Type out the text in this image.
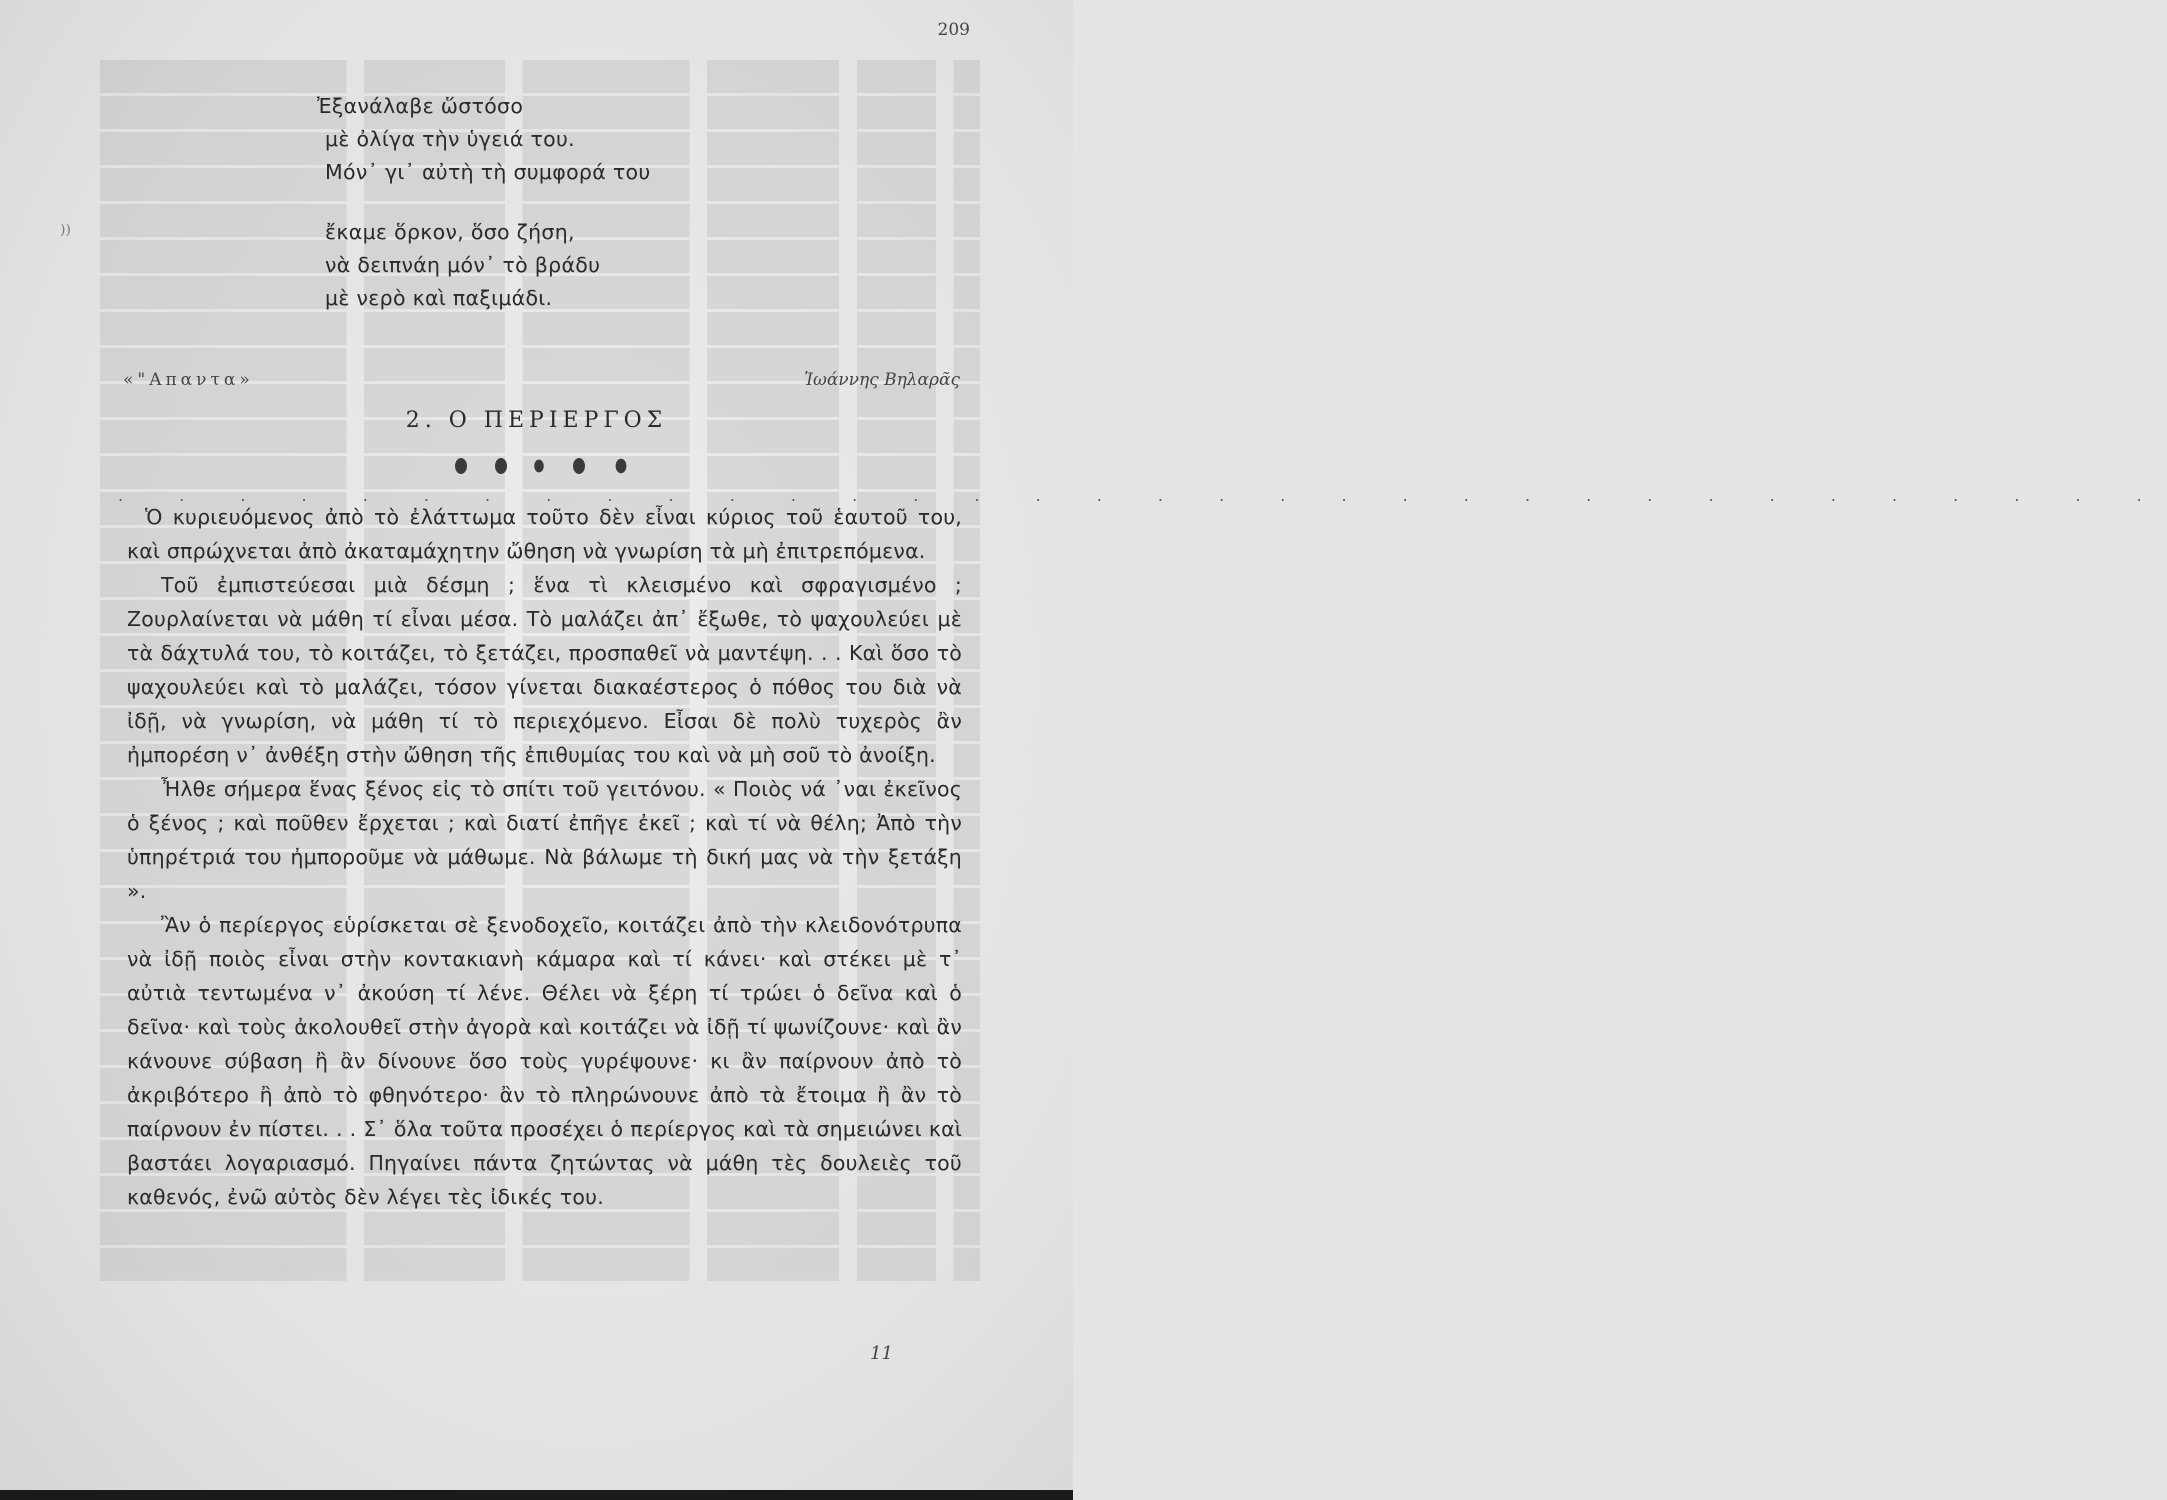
209
))
Ἐξανάλαβε ὥστόσο
μὲ ὀλίγα τὴν ὑγειά του.
Μόν᾽ γι᾽ αὐτὴ τὴ συμφορά του
ἔκαμε ὅρκον, ὅσο ζήση,
νὰ δειπνάη μόν᾽ τὸ βράδυ
μὲ νερὸ καὶ παξιμάδι.
«"Απαντα»	Ἰωάννης Βηλαρᾶς
2. Ο ΠΕΡΙΕΡΓΟΣ
. . . . . . . . . . . . . . . . . . . . . . . . . . . . . . . . . .

Ὁ κυριευόμενος ἀπὸ τὸ ἐλάττωμα τοῦτο δὲν εἶναι κύριος τοῦ ἑαυτοῦ του, καὶ σπρώχνεται ἀπὸ ἀκαταμάχητην ὤθηση νὰ γνωρίση τὰ μὴ ἐπιτρεπόμενα.

Τοῦ ἐμπιστεύεσαι μιὰ δέσμη ; ἕνα τὶ κλεισμένο καὶ σφραγισμένο ; Ζουρλαίνεται νὰ μάθη τί εἶναι μέσα. Τὸ μαλάζει ἀπ᾽ ἔξωθε, τὸ ψαχουλεύει μὲ τὰ δάχτυλά του, τὸ κοιτάζει, τὸ ξετάζει, προσπαθεῖ νὰ μαντέψη. . . Καὶ ὅσο τὸ ψαχουλεύει καὶ τὸ μαλάζει, τόσον γίνεται διακαέστερος ὁ πόθος του διὰ νὰ ἰδῇ, νὰ γνωρίση, νὰ μάθη τί τὸ περιεχόμενο. Εἶσαι δὲ πολὺ τυχερὸς ἂν ἠμπορέση ν᾽ ἀνθέξη στὴν ὤθηση τῆς ἐπιθυμίας του καὶ νὰ μὴ σοῦ τὸ ἀνοίξη.

Ἦλθε σήμερα ἕνας ξένος εἰς τὸ σπίτι τοῦ γειτόνου. « Ποιὸς νά ᾽ναι ἐκεῖνος ὁ ξένος ; καὶ ποῦθεν ἔρχεται ; καὶ διατί ἐπῆγε ἐκεῖ ; καὶ τί νὰ θέλη; Ἀπὸ τὴν ὑπηρέτριά του ἠμποροῦμε νὰ μάθωμε. Νὰ βάλωμε τὴ δική μας νὰ τὴν ξετάξη ».

Ἂν ὁ περίεργος εὑρίσκεται σὲ ξενοδοχεῖο, κοιτάζει ἀπὸ τὴν κλειδονότρυπα νὰ ἰδῇ ποιὸς εἶναι στὴν κοντακιανὴ κάμαρα καὶ τί κάνει· καὶ στέκει μὲ τ᾽ αὐτιὰ τεντωμένα ν᾽ ἀκούση τί λένε. Θέλει νὰ ξέρη τί τρώει ὁ δεῖνα καὶ ὁ δεῖνα· καὶ τοὺς ἀκολουθεῖ στὴν ἀγορὰ καὶ κοιτάζει νὰ ἰδῇ τί ψωνίζουνε· καὶ ἂν κάνουνε σύβαση ἢ ἂν δίνουνε ὅσο τοὺς γυρέψουνε· κι ἂν παίρνουν ἀπὸ τὸ ἀκριβότερο ἢ ἀπὸ τὸ φθηνότερο· ἂν τὸ πληρώνουνε ἀπὸ τὰ ἔτοιμα ἢ ἂν τὸ παίρνουν ἐν πίστει. . . Σ᾽ ὅλα τοῦτα προσέχει ὁ περίεργος καὶ τὰ σημειώνει καὶ βαστάει λογαριασμό. Πηγαίνει πάντα ζητώντας νὰ μάθη τὲς δουλειὲς τοῦ καθενός, ἐνῶ αὐτὸς δὲν λέγει τὲς ἰδικές του.

11
